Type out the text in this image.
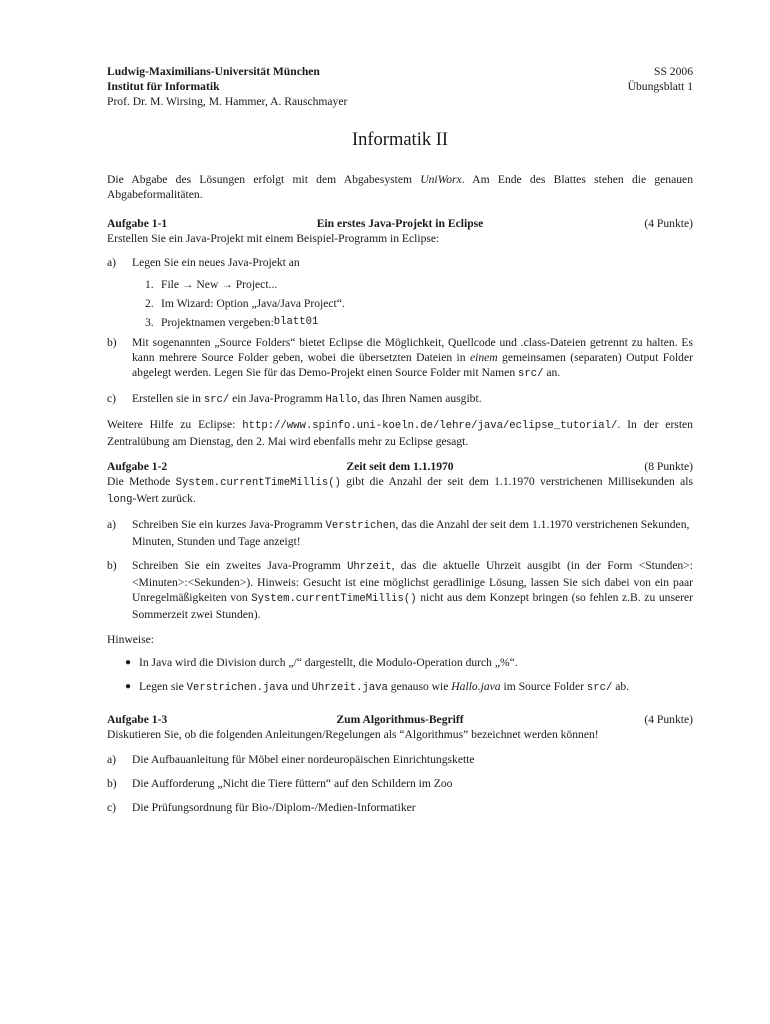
Ludwig-Maximilians-Universität München
Institut für Informatik
Prof. Dr. M. Wirsing, M. Hammer, A. Rauschmayer
SS 2006
Übungsblatt 1
Informatik II

Die Abgabe des Lösungen erfolgt mit dem Abgabesystem UniWorx. Am Ende des Blattes stehen die genauen Abgabeformalitäten.

Aufgabe 1-1	Ein erstes Java-Projekt in Eclipse	(4 Punkte)

Erstellen Sie ein Java-Projekt mit einem Beispiel-Programm in Eclipse:

a)	Legen Sie ein neues Java-Projekt an
1. File → New → Project...
2. Im Wizard: Option „Java/Java Project“.
3. Projektnamen vergeben: blatt01
b)	Mit sogenannten „Source Folders“ bietet Eclipse die Möglichkeit, Quellcode und .class-Dateien getrennt zu halten. Es kann mehrere Source Folder geben, wobei die übersetzten Dateien in einem gemeinsamen (separaten) Output Folder abgelegt werden. Legen Sie für das Demo-Projekt einen Source Folder mit Namen src/ an.
c)	Erstellen sie in src/ ein Java-Programm Hallo, das Ihren Namen ausgibt.

Weitere Hilfe zu Eclipse: http://www.spinfo.uni-koeln.de/lehre/java/eclipse_tutorial/. In der ersten Zentralübung am Dienstag, den 2. Mai wird ebenfalls mehr zu Eclipse gesagt.

Aufgabe 1-2	Zeit seit dem 1.1.1970	(8 Punkte)

Die Methode System.currentTimeMillis() gibt die Anzahl der seit dem 1.1.1970 verstrichenen Millisekunden als long-Wert zurück.

a)	Schreiben Sie ein kurzes Java-Programm Verstrichen, das die Anzahl der seit dem 1.1.1970 verstrichenen Sekunden, Minuten, Stunden und Tage anzeigt!
b)	Schreiben Sie ein zweites Java-Programm Uhrzeit, das die aktuelle Uhrzeit ausgibt (in der Form <Stunden>:<Minuten>:<Sekunden>). Hinweis: Gesucht ist eine möglichst geradlinige Lösung, lassen Sie sich dabei von ein paar Unregelmäßigkeiten von System.currentTimeMillis() nicht aus dem Konzept bringen (so fehlen z.B. zu unserer Sommerzeit zwei Stunden).

Hinweise:

● In Java wird die Division durch „/“ dargestellt, die Modulo-Operation durch „%“.
● Legen sie Verstrichen.java und Uhrzeit.java genauso wie Hallo.java im Source Folder src/ ab.
Aufgabe 1-3	Zum Algorithmus-Begriff	(4 Punkte)

Diskutieren Sie, ob die folgenden Anleitungen/Regelungen als “Algorithmus” bezeichnet werden können!

a)	Die Aufbauanleitung für Möbel einer nordeuropäischen Einrichtungskette
b)	Die Aufforderung „Nicht die Tiere füttern“ auf den Schildern im Zoo
c)	Die Prüfungsordnung für Bio-/Diplom-/Medien-Informatiker
